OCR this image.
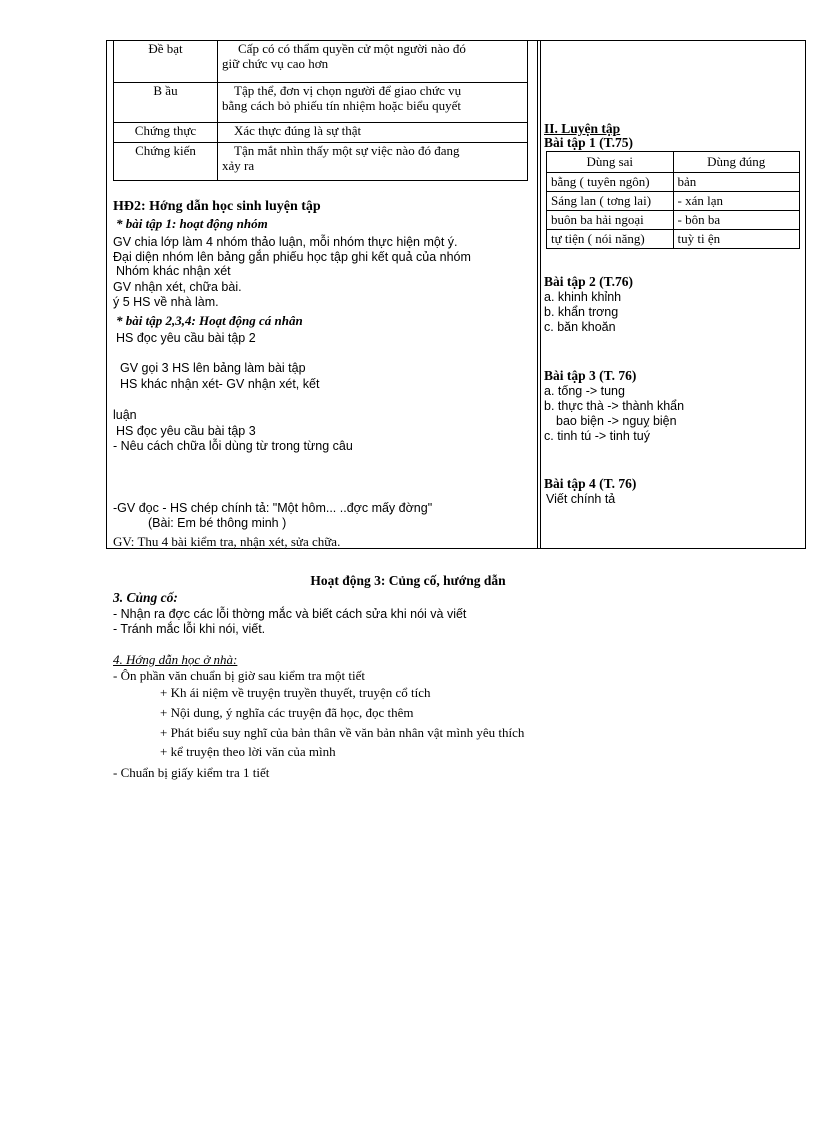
Đề bạt	Cấp có có thẩm quyền cử một người nào đó
giữ chức vụ cao hơn

B ầu	Tập thể, đơn vị chọn người để giao chức vụ
bằng cách bỏ phiếu tín nhiệm hoặc biểu quyết

Chứng thực	Xác thực đúng là sự thật

Chứng kiến	Tận mắt nhìn thấy một sự việc nào đó đang
xảy ra
HĐ2: Hớng dẫn học sinh luyện tập
* bài tập 1: hoạt động nhóm
GV chia lớp làm 4 nhóm thảo luận, mỗi nhóm thực hiện một ý.
Đại diện nhóm lên bảng gắn phiếu học tập ghi kết quả của nhóm
Nhóm khác nhận xét
GV nhận xét, chữa bài.
ý 5 HS về nhà làm.
* bài tập 2,3,4: Hoạt động cá nhân
HS đọc yêu cầu bài tập 2
GV gọi 3 HS lên bảng làm bài tập
HS khác nhận xét- GV nhận xét, kết
luận
HS đọc yêu cầu bài tập 3
- Nêu cách chữa lỗi dùng từ trong từng câu
-GV đọc - HS chép chính tả: "Một hôm... ..đợc mấy đờng"
(Bài: Em bé thông minh )
GV: Thu 4 bài kiểm tra, nhận xét, sửa chữa.
II. Luyện tập
Bài tập 1 (T.75)
Dùng sai	Dùng đúng
bằng ( tuyên ngôn)	bản
Sáng lan ( tơng lai)	- xán lạn
buôn ba hải ngoại	- bôn ba
tự tiện ( nói năng)	tuỳ ti ện
Bài tập 2 (T.76)
a. khinh khỉnh
b. khẩn trơng
c. băn khoăn
Bài tập 3 (T. 76)
a. tống -> tung
b. thực thà -> thành khẩn
bao biện -> nguỵ biện
c. tinh tú -> tinh tuý
Bài tập 4 (T. 76)
Viết chính tả
Hoạt động 3: Củng cố, hướng dẫn
3. Củng cố:
- Nhận ra đợc các lỗi thờng mắc và biết cách sửa khi nói và viết
- Tránh mắc lỗi khi nói, viết.
4. Hớng dẫn học ở nhà:
- Ôn phần văn chuẩn bị giờ sau kiểm tra một tiết
+ Kh ái niệm về truyện truyền thuyết, truyện cổ tích
+ Nội dung, ý nghĩa các truyện đã học, đọc thêm
+ Phát biểu suy nghĩ của bản thân về văn bản nhân vật mình yêu thích
+ kể truyện theo lời văn của mình
- Chuẩn bị giấy kiểm tra 1 tiết
